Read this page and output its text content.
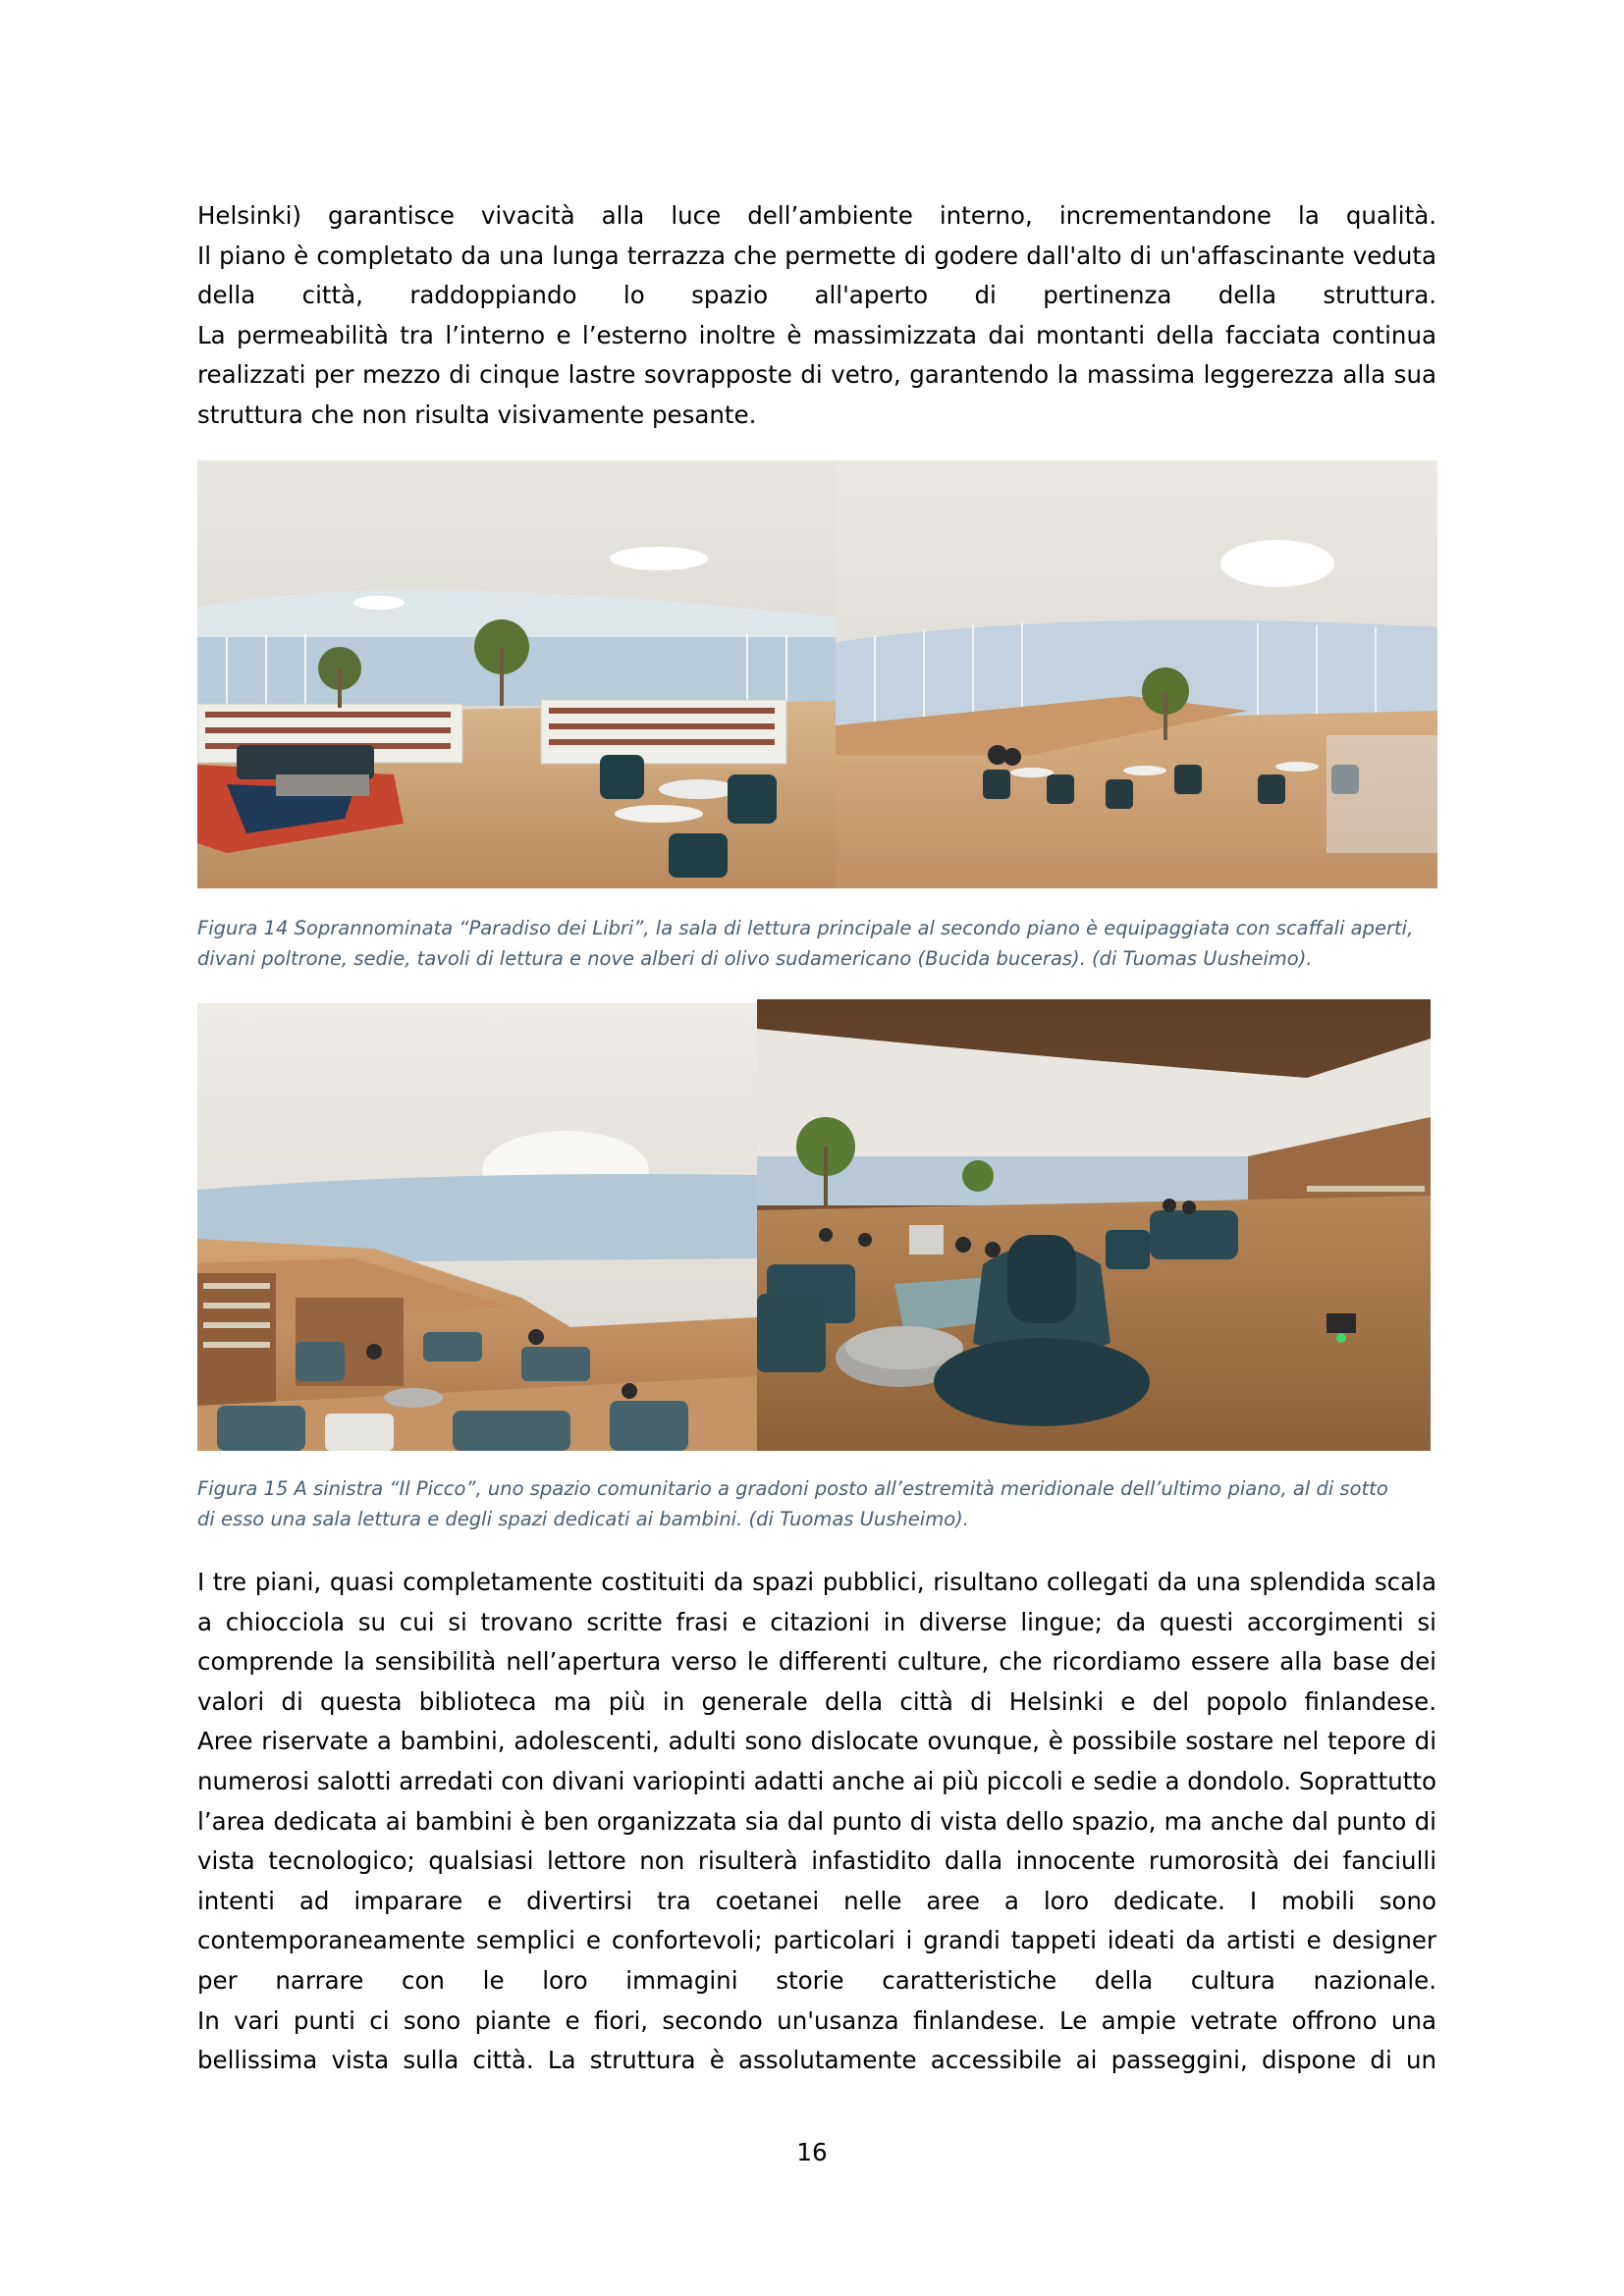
Helsinki) garantisce vivacità alla luce dell’ambiente interno, incrementandone la qualità.
Il piano è completato da una lunga terrazza che permette di godere dall'alto di un'affascinante veduta
della città, raddoppiando lo spazio all'aperto di pertinenza della struttura.
La permeabilità tra l’interno e l’esterno inoltre è massimizzata dai montanti della facciata continua
realizzati per mezzo di cinque lastre sovrapposte di vetro, garantendo la massima leggerezza alla sua
struttura che non risulta visivamente pesante.
Figura 14 Soprannominata “Paradiso dei Libri”, la sala di lettura principale al secondo piano è equipaggiata con scaffali aperti,
divani poltrone, sedie, tavoli di lettura e nove alberi di olivo sudamericano (Bucida buceras). (di Tuomas Uusheimo).
Figura 15 A sinistra “Il Picco”, uno spazio comunitario a gradoni posto all’estremità meridionale dell’ultimo piano, al di sotto
di esso una sala lettura e degli spazi dedicati ai bambini. (di Tuomas Uusheimo).
I tre piani, quasi completamente costituiti da spazi pubblici, risultano collegati da una splendida scala
a chiocciola su cui si trovano scritte frasi e citazioni in diverse lingue; da questi accorgimenti si
comprende la sensibilità nell’apertura verso le differenti culture, che ricordiamo essere alla base dei
valori di questa biblioteca ma più in generale della città di Helsinki e del popolo finlandese.
Aree riservate a bambini, adolescenti, adulti sono dislocate ovunque, è possibile sostare nel tepore di
numerosi salotti arredati con divani variopinti adatti anche ai più piccoli e sedie a dondolo. Soprattutto
l’area dedicata ai bambini è ben organizzata sia dal punto di vista dello spazio, ma anche dal punto di
vista tecnologico; qualsiasi lettore non risulterà infastidito dalla innocente rumorosità dei fanciulli
intenti ad imparare e divertirsi tra coetanei nelle aree a loro dedicate. I mobili sono
contemporaneamente semplici e confortevoli; particolari i grandi tappeti ideati da artisti e designer
per narrare con le loro immagini storie caratteristiche della cultura nazionale.
In vari punti ci sono piante e fiori, secondo un'usanza finlandese. Le ampie vetrate offrono una
bellissima vista sulla città. La struttura è assolutamente accessibile ai passeggini, dispone di un
16
